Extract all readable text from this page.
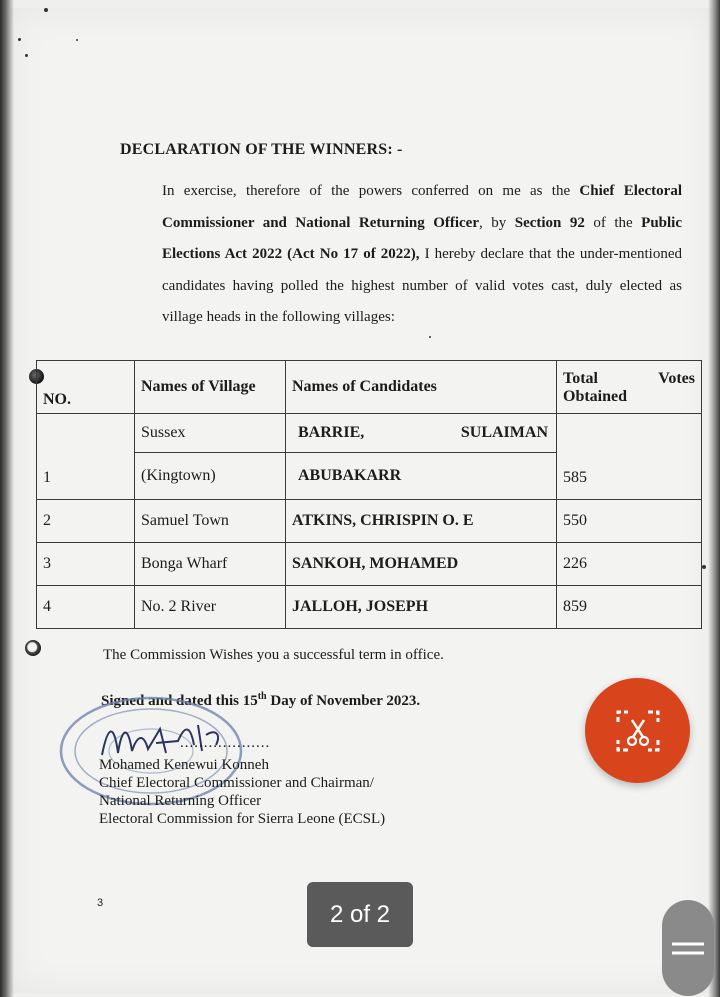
DECLARATION OF THE WINNERS: -
In exercise, therefore of the powers conferred on me as the Chief Electoral Commissioner and National Returning Officer, by Section 92 of the Public Elections Act 2022 (Act No 17 of 2022), I hereby declare that the under-mentioned candidates having polled the highest number of valid votes cast, duly elected as village heads in the following villages:
NO.	Names of Village	Names of Candidates	Total Votes
Obtained

1	Sussex	BARRIE, SULAIMAN	585
	(Kingtown)	ABUBAKARR	
2	Samuel Town	ATKINS, CHRISPIN O. E	550
3	Bonga Wharf	SANKOH, MOHAMED	226
4	No. 2 River	JALLOH, JOSEPH	859
The Commission Wishes you a successful term in office.
Signed and dated this 15th Day of November 2023.
...................
Mohamed Kenewui Konneh
Chief Electoral Commissioner and Chairman/
National Returning Officer
Electoral Commission for Sierra Leone (ECSL)
3	2 of 2
